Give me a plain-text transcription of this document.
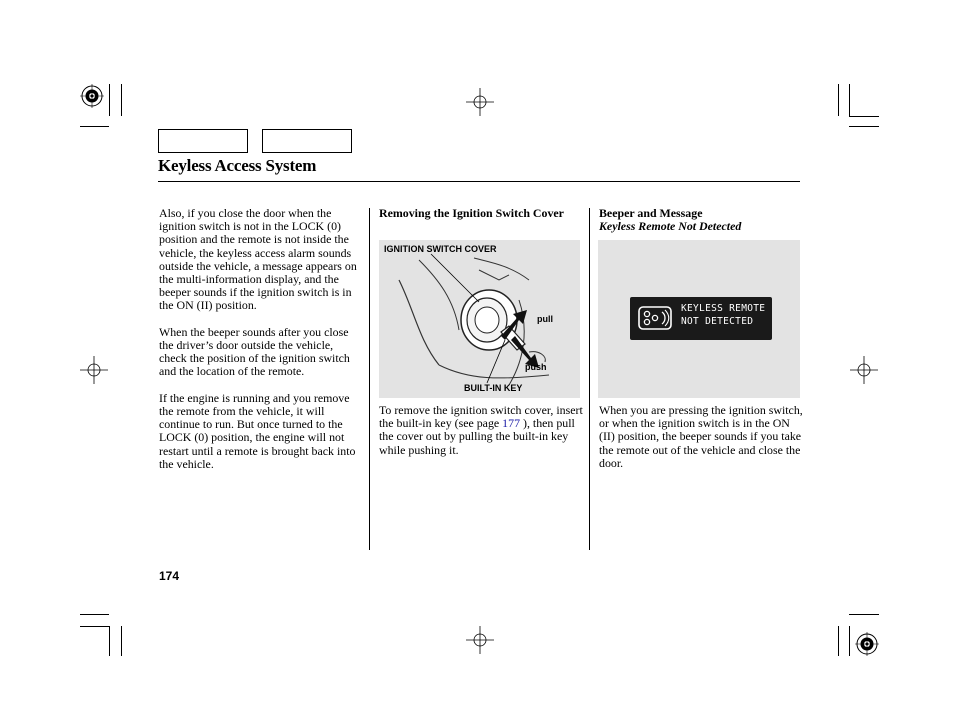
Keyless Access System

Also, if you close the door when the ignition switch is not in the LOCK (0) position and the remote is not inside the vehicle, the keyless access alarm sounds outside the vehicle, a message appears on the multi-information display, and the beeper sounds if the ignition switch is in the ON (II) position.

When the beeper sounds after you close the driver’s door outside the vehicle, check the position of the ignition switch and the location of the remote.

If the engine is running and you remove the remote from the vehicle, it will continue to run. But once turned to the LOCK (0) position, the engine will not restart until a remote is brought back into the vehicle.

Removing the Ignition Switch Cover
IGNITION SWITCH COVER
pull
push
BUILT-IN KEY
To remove the ignition switch cover, insert the built-in key (see page 177 ), then pull the cover out by pulling the built-in key while pushing it.
Beeper and Message
Keyless Remote Not Detected
KEYLESS REMOTE
NOT DETECTED

When you are pressing the ignition switch, or when the ignition switch is in the ON (II) position, the beeper sounds if you take the remote out of the vehicle and close the door.

174
